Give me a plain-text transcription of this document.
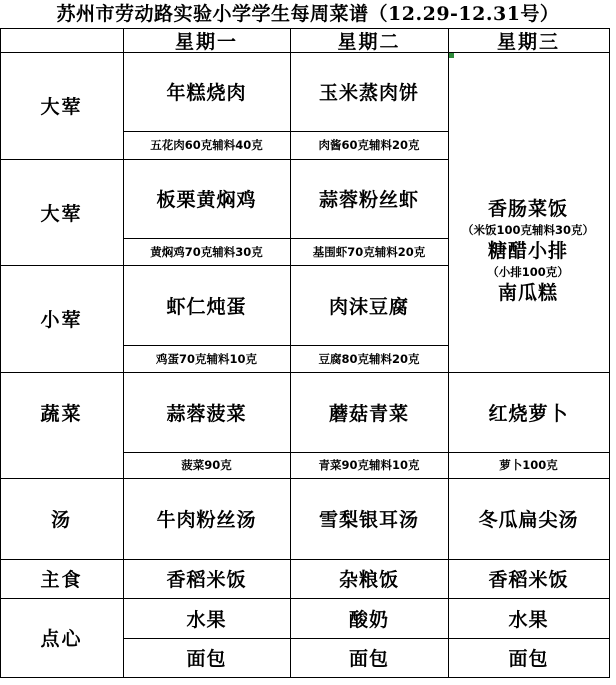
苏州市劳动路实验小学学生每周菜谱（12.29-12.31号）
星期一	星期二	星期三
大荤
大荤
小荤
蔬菜
汤
主食
点心
年糕烧肉
五花肉60克辅料40克
板栗黄焖鸡
黄焖鸡70克辅料30克
虾仁炖蛋
鸡蛋70克辅料10克
蒜蓉菠菜
菠菜90克
牛肉粉丝汤
香稻米饭
水果
面包
玉米蒸肉饼
肉酱60克辅料20克
蒜蓉粉丝虾
基围虾70克辅料20克
肉沫豆腐
豆腐80克辅料20克
蘑菇青菜
青菜90克辅料10克
雪梨银耳汤
杂粮饭
酸奶
面包
香肠菜饭
（米饭100克辅料30克）
糖醋小排
（小排100克）
南瓜糕
红烧萝卜
萝卜100克
冬瓜扁尖汤
香稻米饭
水果
面包
